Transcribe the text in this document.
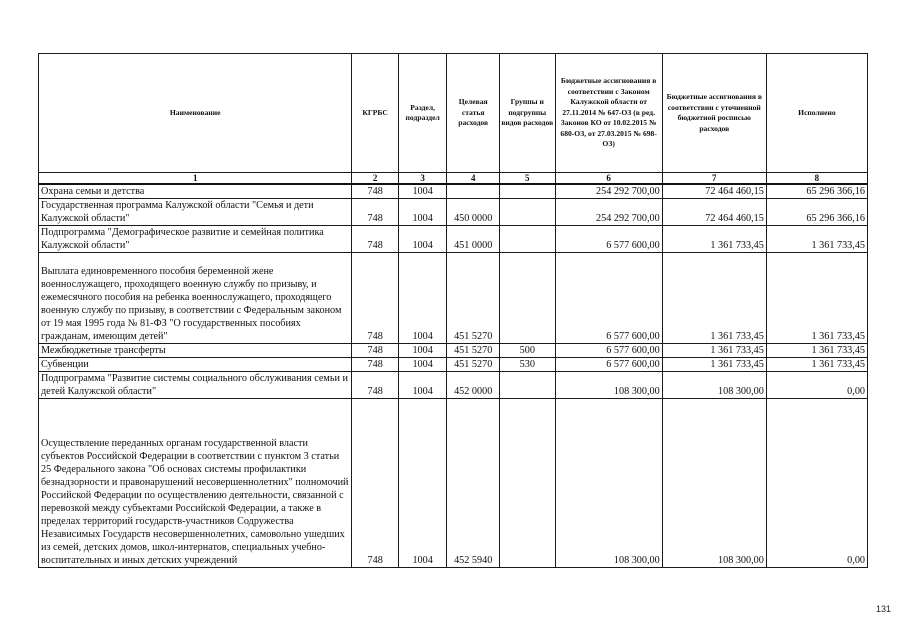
Наименование	КГРБС	Раздел, подраздел	Целевая статья расходов	Группы и подгруппы видов расходов	Бюджетные ассигнования в соответствии с Законом Калужской области от 27.11.2014 № 647-ОЗ (в ред. Законов КО от 10.02.2015 № 680-ОЗ, от 27.03.2015 № 698-ОЗ)	Бюджетные ассигнования в соответствии с уточненной бюджетной росписью расходов	Исполнено
1	2	3	4	5	6	7	8
Охрана семьи и детства	748	1004			254 292 700,00	72 464 460,15	65 296 366,16
Государственная программа Калужской области "Семья и дети Калужской области"	748	1004	450 0000		254 292 700,00	72 464 460,15	65 296 366,16
Подпрограмма "Демографическое развитие и семейная политика Калужской области"	748	1004	451 0000		6 577 600,00	1 361 733,45	1 361 733,45
Выплата единовременного пособия беременной жене военнослужащего, проходящего военную службу по призыву, и ежемесячного пособия на ребенка военнослужащего, проходящего военную службу по призыву, в соответствии с Федеральным законом от 19 мая 1995 года № 81-ФЗ "О государственных пособиях гражданам, имеющим детей"	748	1004	451 5270		6 577 600,00	1 361 733,45	1 361 733,45
Межбюджетные трансферты	748	1004	451 5270	500	6 577 600,00	1 361 733,45	1 361 733,45
Субвенции	748	1004	451 5270	530	6 577 600,00	1 361 733,45	1 361 733,45
Подпрограмма "Развитие системы социального обслуживания семьи и детей Калужской области"	748	1004	452 0000		108 300,00	108 300,00	0,00
Осуществление переданных органам государственной власти субъектов Российской Федерации в соответствии с пунктом 3 статьи 25 Федерального закона "Об основах системы профилактики безнадзорности и правонарушений несовершеннолетних" полномочий Российской Федерации по осуществлению деятельности, связанной с перевозкой между субъектами Российской Федерации, а также в пределах территорий государств-участников Содружества Независимых Государств несовершеннолетних, самовольно ушедших из семей, детских домов, школ-интернатов, специальных учебно-воспитательных и иных детских учреждений	748	1004	452 5940		108 300,00	108 300,00	0,00
131
